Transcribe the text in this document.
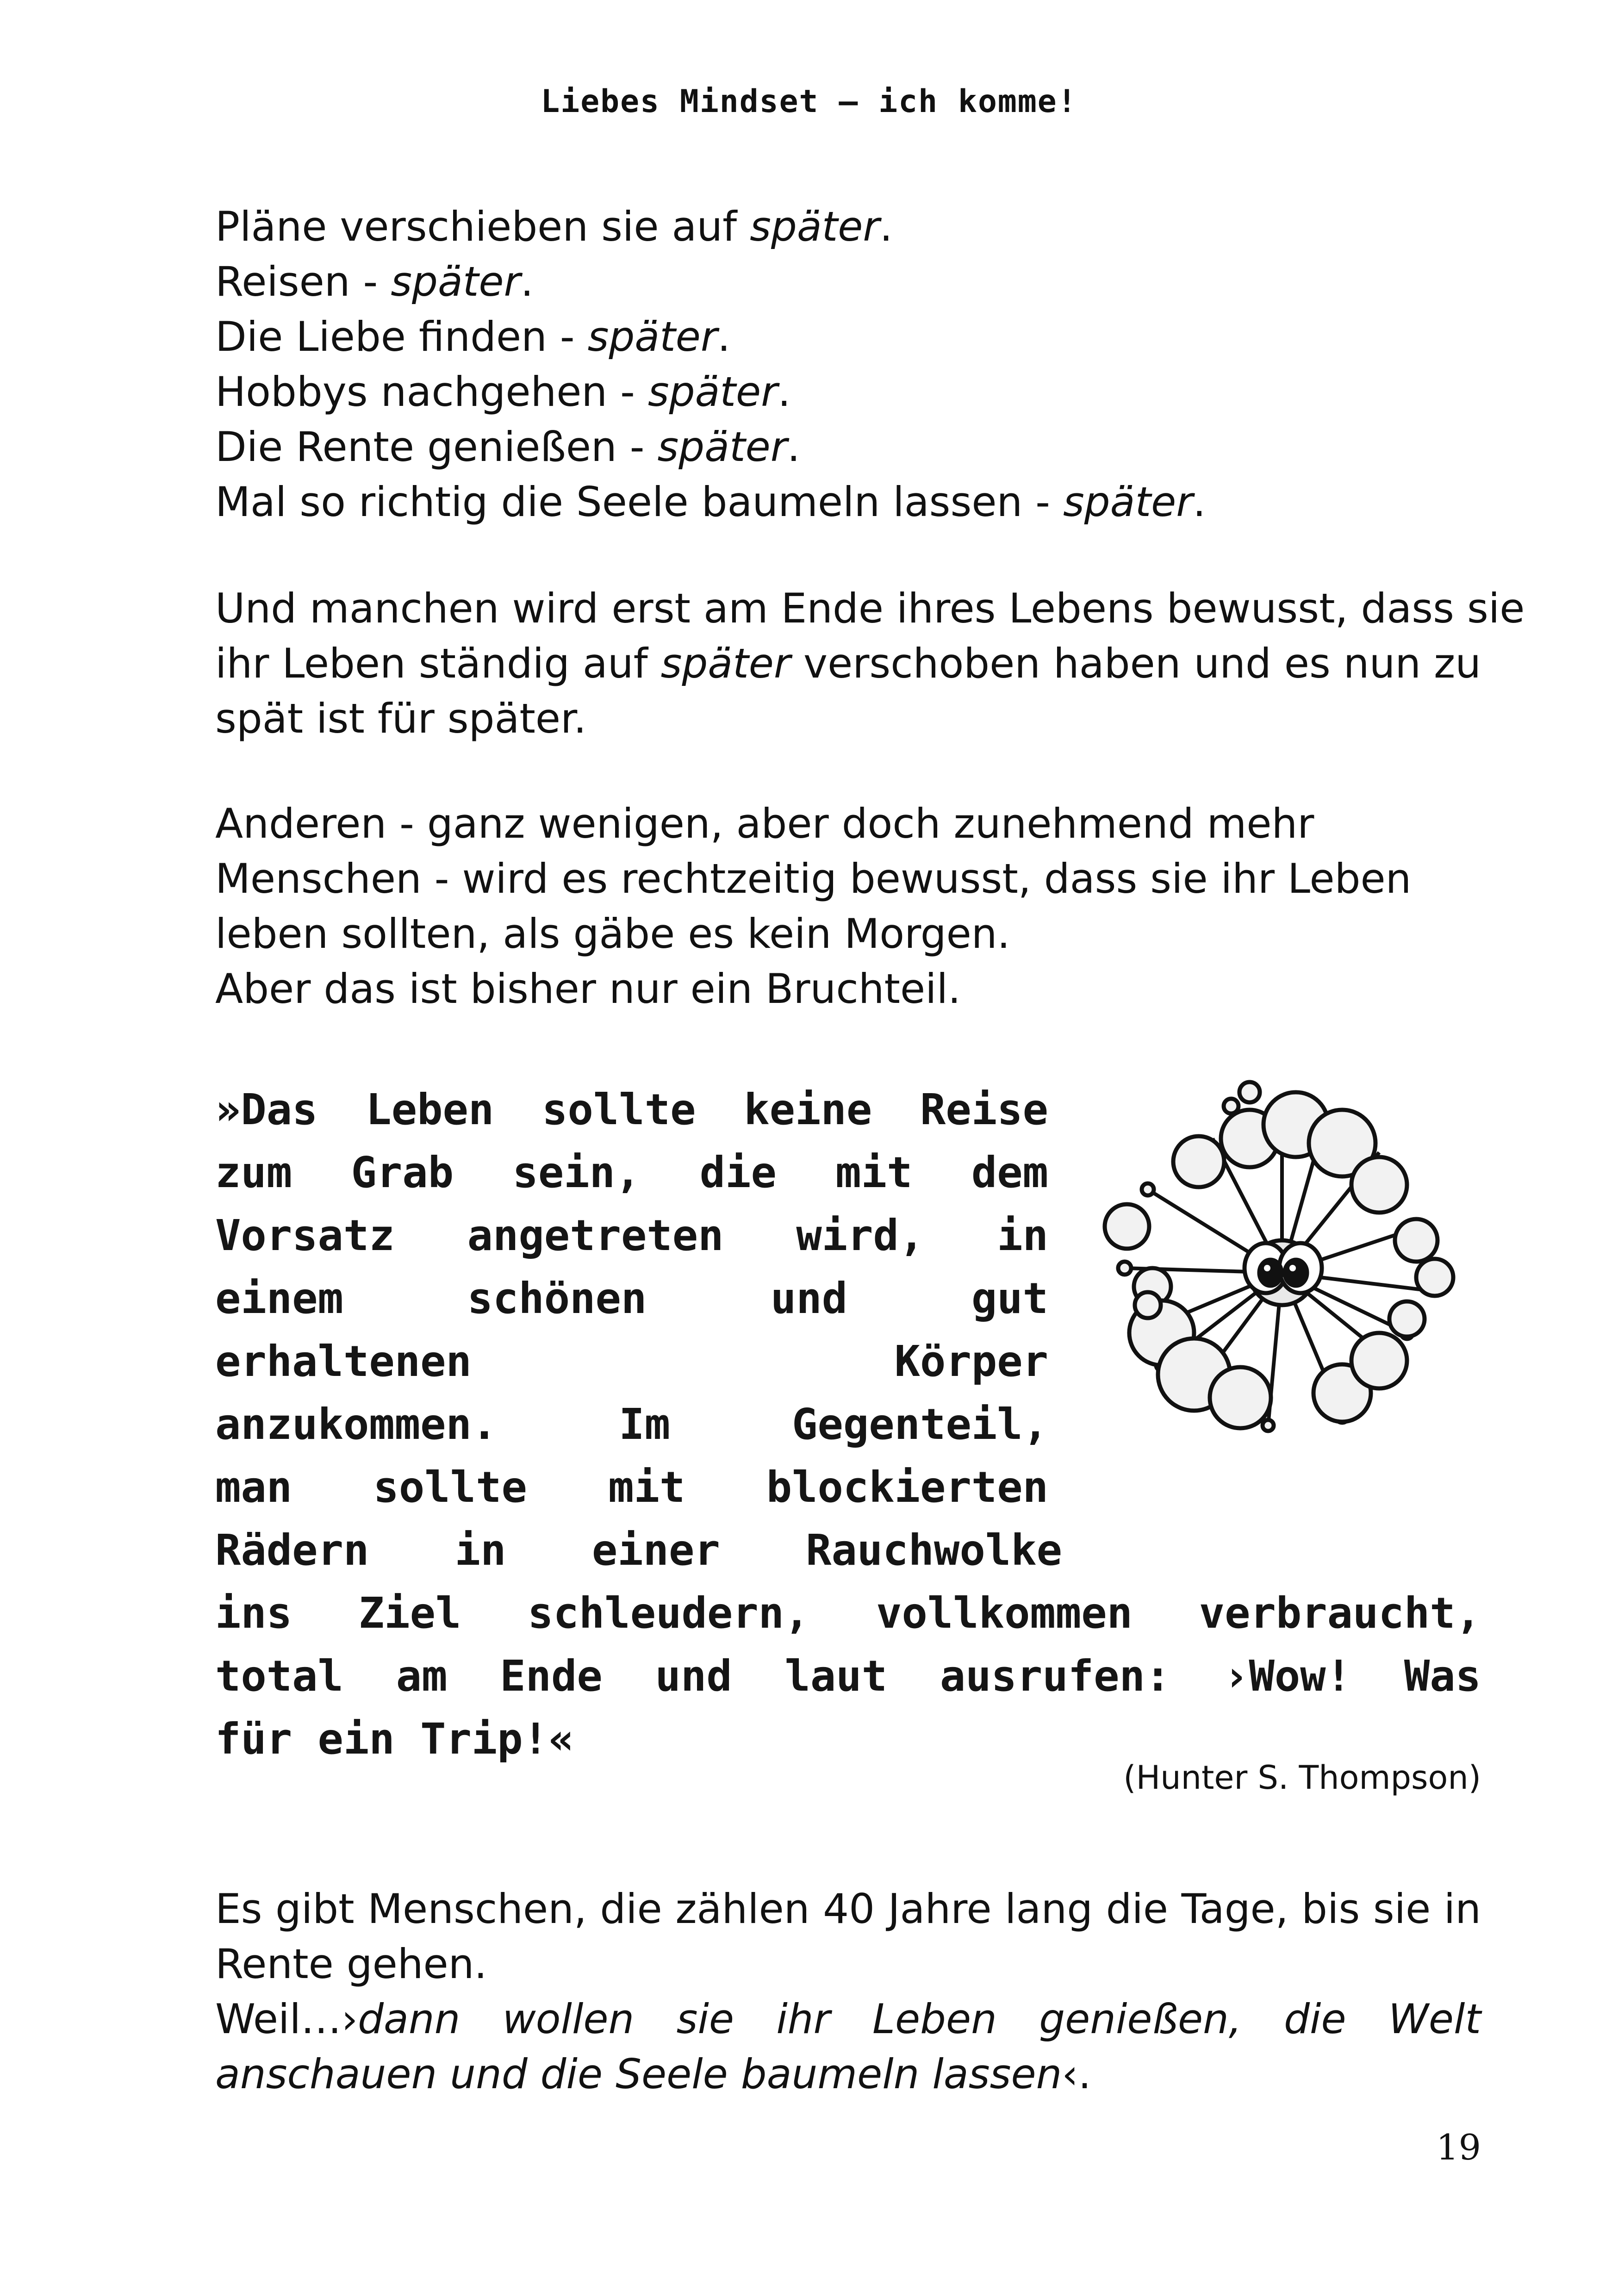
Liebes Mindset – ich komme!
Pläne verschieben sie auf später.
Reisen - später.
Die Liebe finden - später.
Hobbys nachgehen - später.
Die Rente genießen - später.
Mal so richtig die Seele baumeln lassen - später.
Und manchen wird erst am Ende ihres Lebens bewusst, dass sie
ihr Leben ständig auf später verschoben haben und es nun zu
spät ist für später.
Anderen - ganz wenigen, aber doch zunehmend mehr
Menschen - wird es rechtzeitig bewusst, dass sie ihr Leben
leben sollten, als gäbe es kein Morgen.
Aber das ist bisher nur ein Bruchteil.
»Das Leben sollte keine Reise
zum Grab sein, die mit dem
Vorsatz angetreten wird, in
einem schönen und gut
erhaltenen Körper
anzukommen. Im Gegenteil,
man sollte mit blockierten
Rädern in einer Rauchwolke
ins Ziel schleudern, vollkommen verbraucht,
total am Ende und laut ausrufen: ›Wow! Was
für ein Trip!«
(Hunter S. Thompson)
Es gibt Menschen, die zählen 40 Jahre lang die Tage, bis sie in
Rente gehen.
Weil…›dann wollen sie ihr Leben genießen, die Welt
anschauen und die Seele baumeln lassen‹.
19
